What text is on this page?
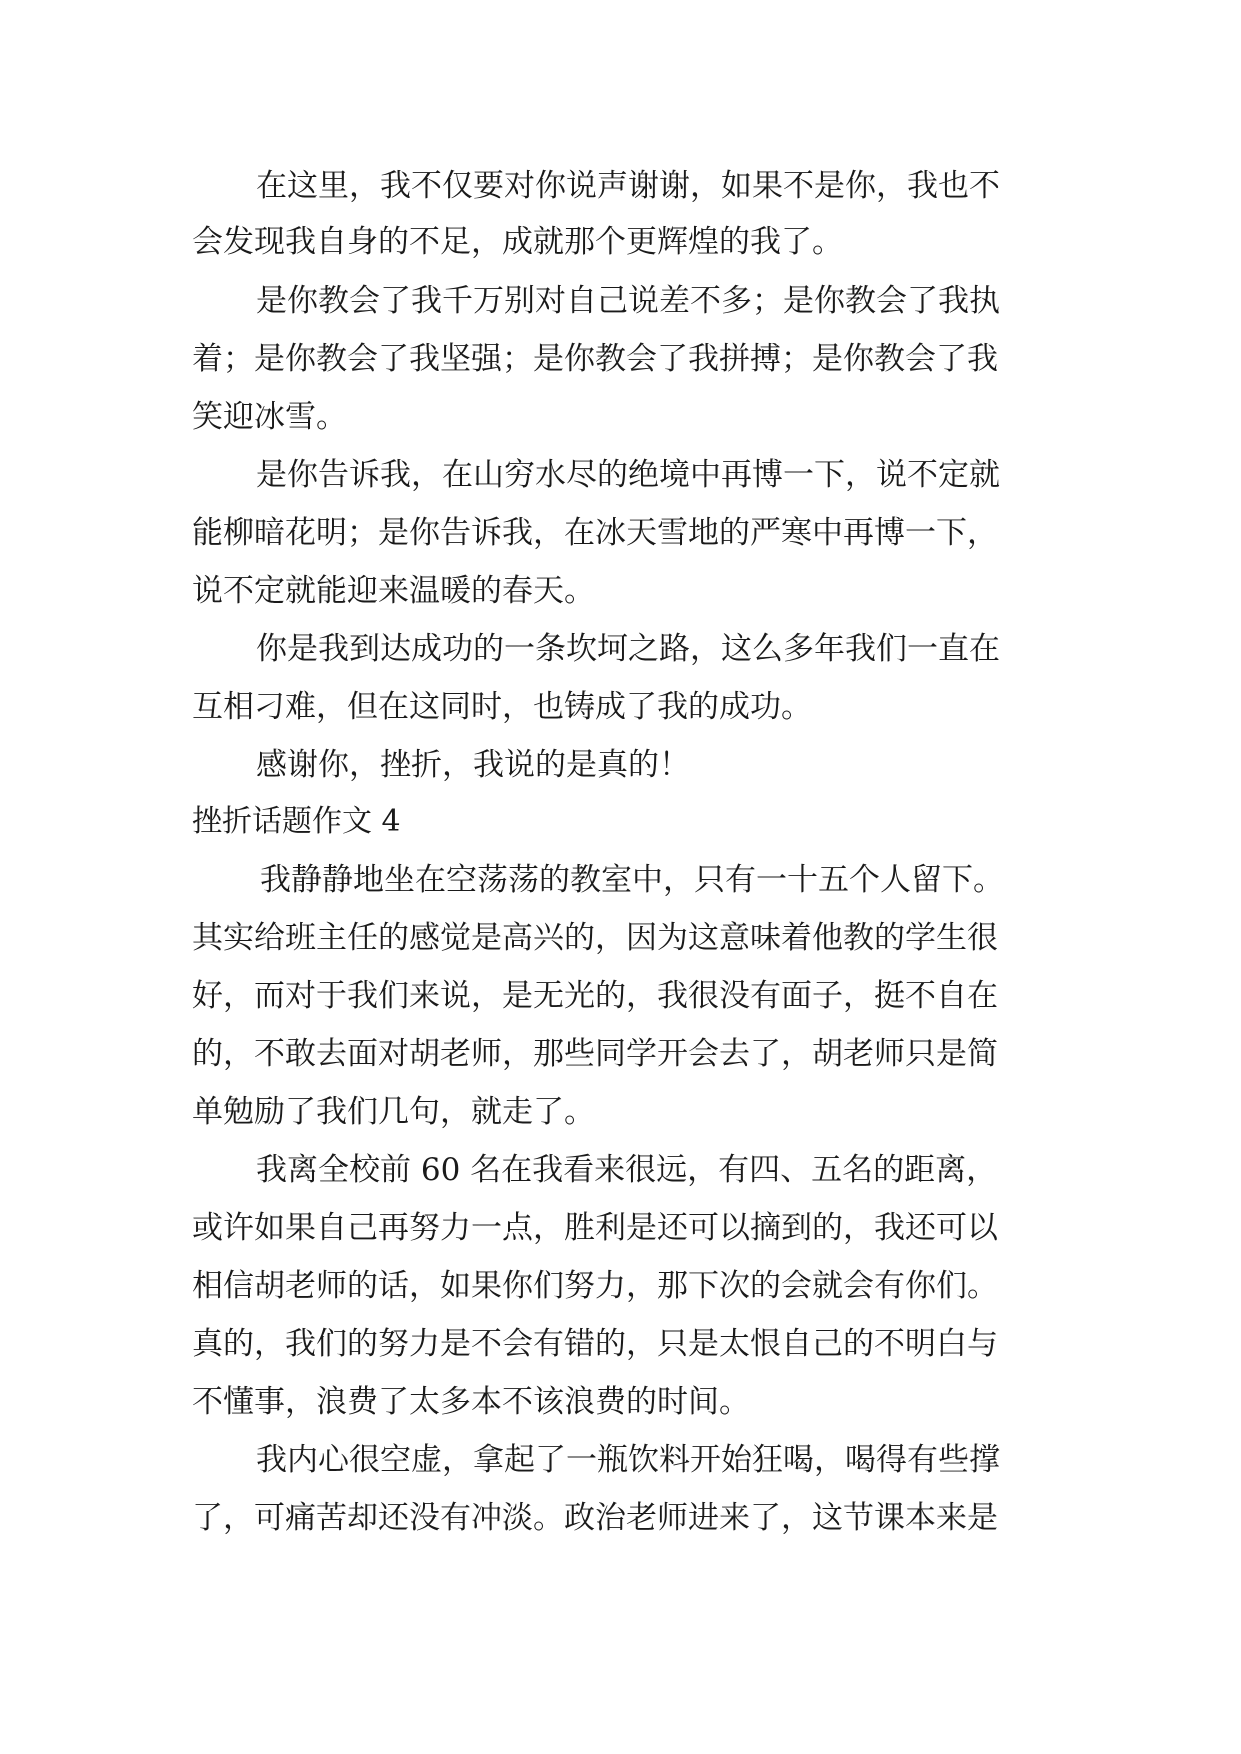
在这里，我不仅要对你说声谢谢，如果不是你，我也不
会发现我自身的不足，成就那个更辉煌的我了。
是你教会了我千万别对自己说差不多；是你教会了我执
着；是你教会了我坚强；是你教会了我拼搏；是你教会了我
笑迎冰雪。
是你告诉我，在山穷水尽的绝境中再博一下，说不定就
能柳暗花明；是你告诉我，在冰天雪地的严寒中再博一下，
说不定就能迎来温暖的春天。
你是我到达成功的一条坎坷之路，这么多年我们一直在
互相刁难，但在这同时，也铸成了我的成功。
感谢你，挫折，我说的是真的！
挫折话题作文 4
我静静地坐在空荡荡的教室中，只有一十五个人留下。
其实给班主任的感觉是高兴的，因为这意味着他教的学生很
好，而对于我们来说，是无光的，我很没有面子，挺不自在
的，不敢去面对胡老师，那些同学开会去了，胡老师只是简
单勉励了我们几句，就走了。
我离全校前 60 名在我看来很远，有四、五名的距离，
或许如果自己再努力一点，胜利是还可以摘到的，我还可以
相信胡老师的话，如果你们努力，那下次的会就会有你们。
真的，我们的努力是不会有错的，只是太恨自己的不明白与
不懂事，浪费了太多本不该浪费的时间。
我内心很空虚，拿起了一瓶饮料开始狂喝，喝得有些撑
了，可痛苦却还没有冲淡。政治老师进来了，这节课本来是
